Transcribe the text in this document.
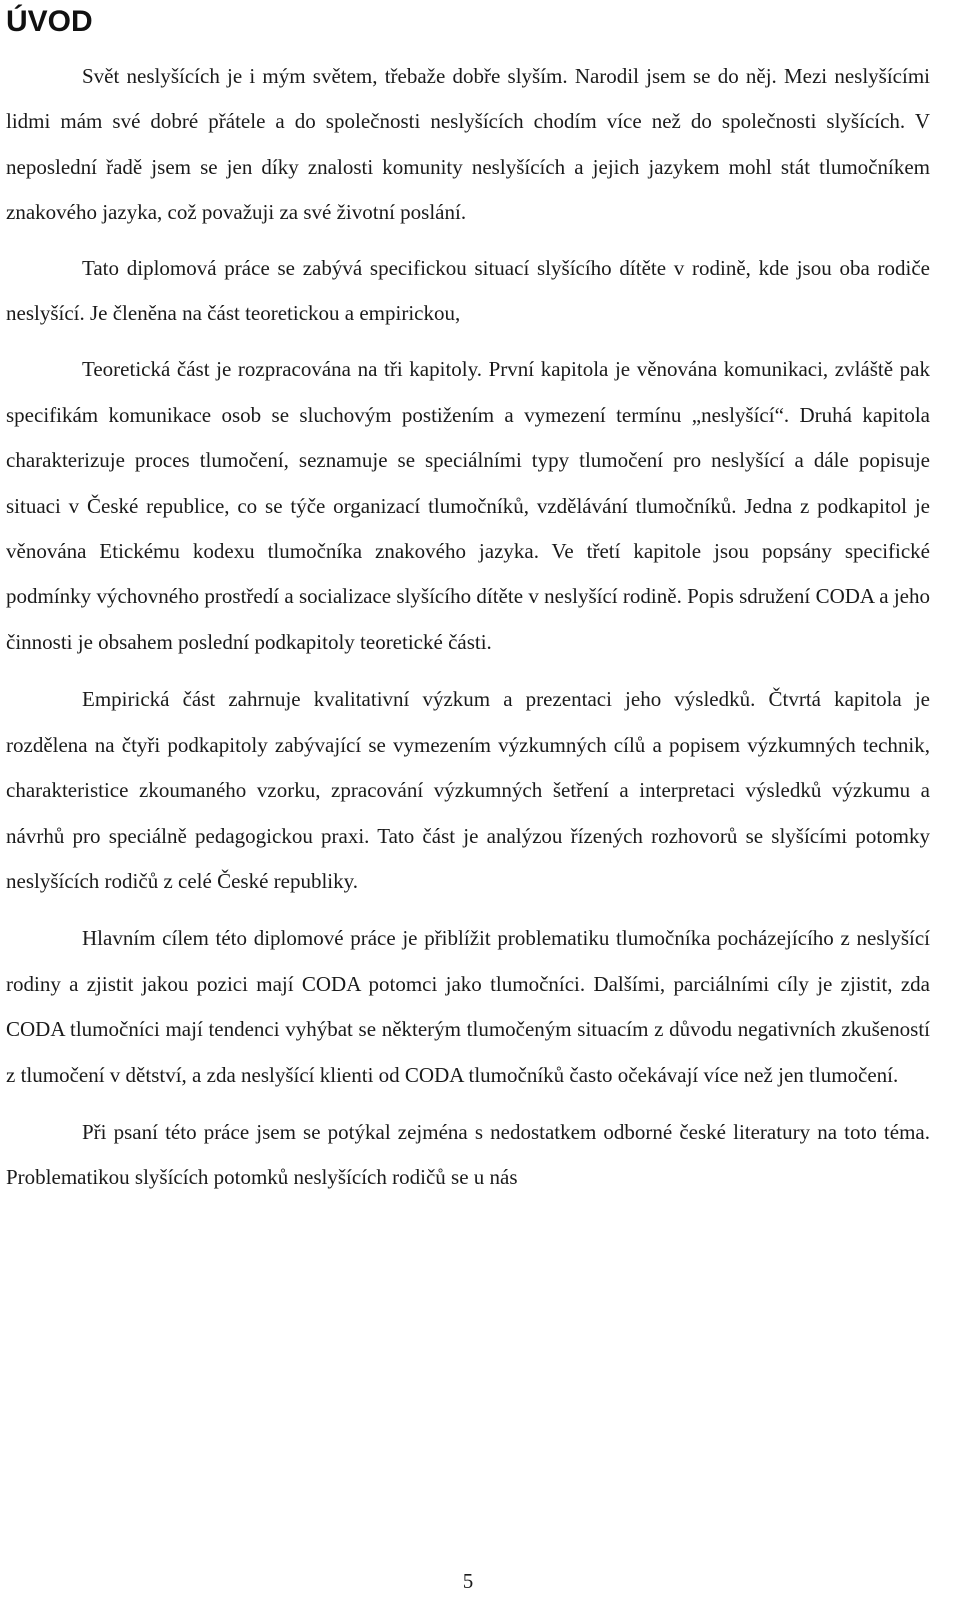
ÚVOD

Svět neslyšících je i mým světem, třebaže dobře slyším. Narodil jsem se do něj. Mezi neslyšícími lidmi mám své dobré přátele a do společnosti neslyšících chodím více než do společnosti slyšících. V neposlední řadě jsem se jen díky znalosti komunity neslyšících a jejich jazykem mohl stát tlumočníkem znakového jazyka, což považuji za své životní poslání.

Tato diplomová práce se zabývá specifickou situací slyšícího dítěte v rodině, kde jsou oba rodiče neslyšící. Je členěna na část teoretickou a empirickou,

Teoretická část je rozpracována na tři kapitoly. První kapitola je věnována komunikaci, zvláště pak specifikám komunikace osob se sluchovým postižením a vymezení termínu „neslyšící“. Druhá kapitola charakterizuje proces tlumočení, seznamuje se speciálními typy tlumočení pro neslyšící a dále popisuje situaci v České republice, co se týče organizací tlumočníků, vzdělávání tlumočníků. Jedna z podkapitol je věnována Etickému kodexu tlumočníka znakového jazyka. Ve třetí kapitole jsou popsány specifické podmínky výchovného prostředí a socializace slyšícího dítěte v neslyšící rodině. Popis sdružení CODA a jeho činnosti je obsahem poslední podkapitoly teoretické části.

Empirická část zahrnuje kvalitativní výzkum a prezentaci jeho výsledků. Čtvrtá kapitola je rozdělena na čtyři podkapitoly zabývající se vymezením výzkumných cílů a popisem výzkumných technik, charakteristice zkoumaného vzorku, zpracování výzkumných šetření a interpretaci výsledků výzkumu a návrhů pro speciálně pedagogickou praxi. Tato část je analýzou řízených rozhovorů se slyšícími potomky neslyšících rodičů z celé České republiky.

Hlavním cílem této diplomové práce je přiblížit problematiku tlumočníka pocházejícího z neslyšící rodiny a zjistit jakou pozici mají CODA potomci jako tlumočníci. Dalšími, parciálními cíly je zjistit, zda CODA tlumočníci mají tendenci vyhýbat se některým tlumočeným situacím z důvodu negativních zkušeností z tlumočení v dětství, a zda neslyšící klienti od CODA tlumočníků často očekávají více než jen tlumočení.

Při psaní této práce jsem se potýkal zejména s nedostatkem odborné české literatury na toto téma. Problematikou slyšících potomků neslyšících rodičů se u nás

5
